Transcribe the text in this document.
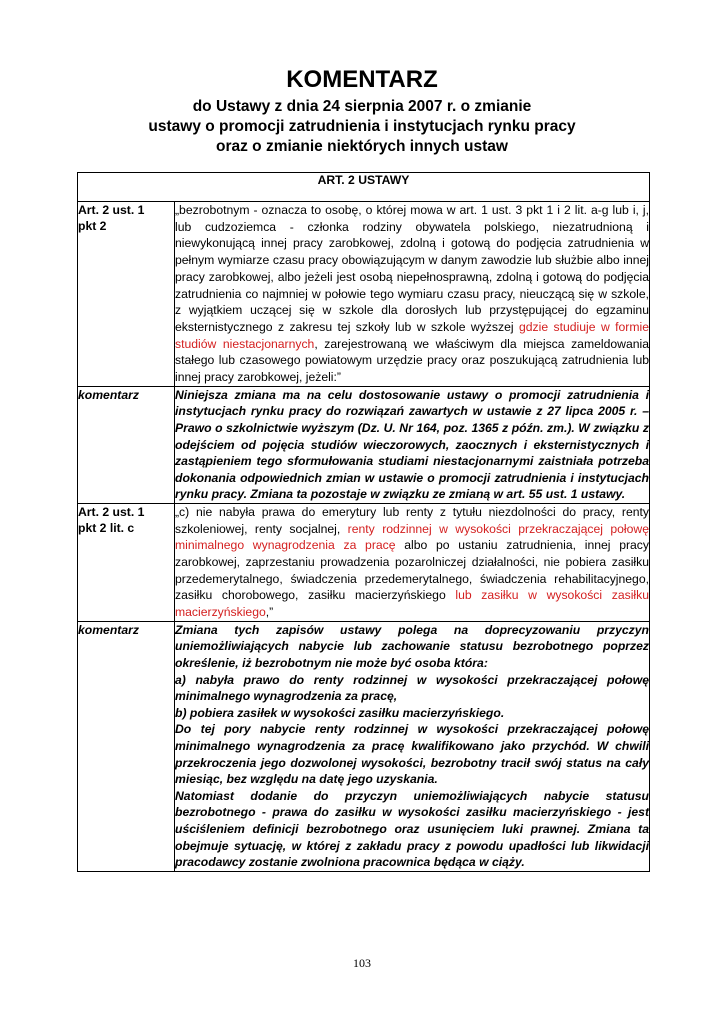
KOMENTARZ
do Ustawy z dnia 24 sierpnia 2007 r. o zmianie
ustawy o promocji zatrudnienia i instytucjach rynku pracy
oraz o zmianie niektórych innych ustaw
ART. 2 USTAWY	

Art. 2 ust. 1
pkt 2	„bezrobotnym - oznacza to osobę, o której mowa w art. 1 ust. 3 pkt 1 i 2 lit. a-g lub i, j, lub cudzoziemca - członka rodziny obywatela polskiego, niezatrudnioną i niewykonującą innej pracy zarobkowej, zdolną i gotową do podjęcia zatrudnienia w pełnym wymiarze czasu pracy obowiązującym w danym zawodzie lub służbie albo innej pracy zarobkowej, albo jeżeli jest osobą niepełnosprawną, zdolną i gotową do podjęcia zatrudnienia co najmniej w połowie tego wymiaru czasu pracy, nieuczącą się w szkole, z wyjątkiem uczącej się w szkole dla dorosłych lub przystępującej do egzaminu eksternistycznego z zakresu tej szkoły lub w szkole wyższej gdzie studiuje w formie studiów niestacjonarnych, zarejestrowaną we właściwym dla miejsca zameldowania stałego lub czasowego powiatowym urzędzie pracy oraz poszukującą zatrudnienia lub innej pracy zarobkowej, jeżeli:”
komentarz	Niniejsza zmiana ma na celu dostosowanie ustawy o promocji zatrudnienia i instytucjach rynku pracy do rozwiązań zawartych w ustawie z 27 lipca 2005 r. – Prawo o szkolnictwie wyższym (Dz. U. Nr 164, poz. 1365 z późn. zm.). W związku z odejściem od pojęcia studiów wieczorowych, zaocznych i eksternistycznych i zastąpieniem tego sformułowania studiami niestacjonarnymi zaistniała potrzeba dokonania odpowiednich zmian w ustawie o promocji zatrudnienia i instytucjach rynku pracy. Zmiana ta pozostaje w związku ze zmianą w art. 55 ust. 1 ustawy.

Art. 2 ust. 1
pkt 2 lit. c	„c) nie nabyła prawa do emerytury lub renty z tytułu niezdolności do pracy, renty szkoleniowej, renty socjalnej, renty rodzinnej w wysokości przekraczającej połowę minimalnego wynagrodzenia za pracę albo po ustaniu zatrudnienia, innej pracy zarobkowej, zaprzestaniu prowadzenia pozarolniczej działalności, nie pobiera zasiłku przedemerytalnego, świadczenia przedemerytalnego, świadczenia rehabilitacyjnego, zasiłku chorobowego, zasiłku macierzyńskiego lub zasiłku w wysokości zasiłku macierzyńskiego,”
komentarz	Zmiana tych zapisów ustawy polega na doprecyzowaniu przyczyn uniemożliwiających nabycie lub zachowanie statusu bezrobotnego poprzez określenie, iż bezrobotnym nie może być osoba która:
a) nabyła prawo do renty rodzinnej w wysokości przekraczającej połowę minimalnego wynagrodzenia za pracę,
b) pobiera zasiłek w wysokości zasiłku macierzyńskiego.
Do tej pory nabycie renty rodzinnej w wysokości przekraczającej połowę minimalnego wynagrodzenia za pracę kwalifikowano jako przychód. W chwili przekroczenia jego dozwolonej wysokości, bezrobotny tracił swój status na cały miesiąc, bez względu na datę jego uzyskania.
Natomiast dodanie do przyczyn uniemożliwiających nabycie statusu bezrobotnego - prawa do zasiłku w wysokości zasiłku macierzyńskiego - jest uściśleniem definicji bezrobotnego oraz usunięciem luki prawnej. Zmiana ta obejmuje sytuację, w której z zakładu pracy z powodu upadłości lub likwidacji pracodawcy zostanie zwolniona pracownica będąca w ciąży.
103
